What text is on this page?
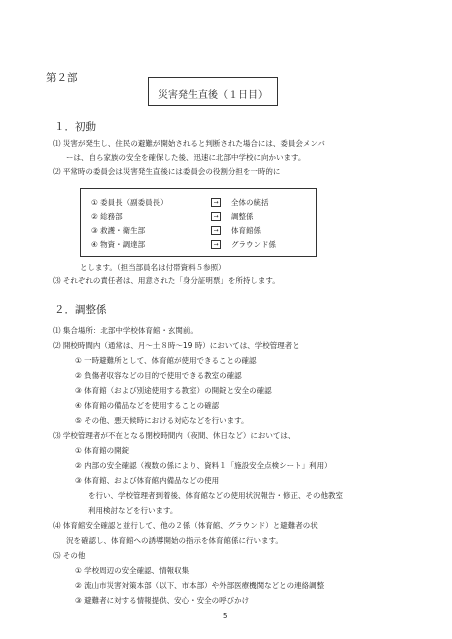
第２部
災害発生直後（１日目）
１．初動
⑴ 災害が発生し、住民の避難が開始されると判断された場合には、委員会メンバ
ーは、自ら家族の安全を確保した後、迅速に北部中学校に向かいます。
⑵ 平常時の委員会は災害発生直後には委員会の役割分担を一時的に
① 委員長（副委員長）	→	全体の統括
② 総務部	→	調整係
③ 救護・衛生部	→	体育館係
④ 物資・調達部	→	グラウンド係
とします。（担当部員名は付帯資料５参照）
⑶ それぞれの責任者は、用意された「身分証明票」を所持します。
２．調整係
⑴ 集合場所：北部中学校体育館・玄関前。
⑵ 開校時間内（通常は、月～土８時～19 時）においては、学校管理者と
① 一時避難所として、体育館が使用できることの確認
② 負傷者収容などの目的で使用できる教室の確認
③ 体育館（および別途使用する教室）の開錠と安全の確認
④ 体育館の備品などを使用することの確認
⑤ その他、悪天候時における対応などを行います。
⑶ 学校管理者が不在となる閉校時間内（夜間、休日など）においては、
① 体育館の開錠
② 内部の安全確認（複数の係により、資料１「施設安全点検シート」利用）
③ 体育館、および体育館内備品などの使用
を行い、学校管理者到着後、体育館などの使用状況報告・修正、その他教室
利用検討などを行います。
⑷ 体育館安全確認と並行して、他の２係（体育館、グラウンド）と避難者の状
況を確認し、体育館への誘導開始の指示を体育館係に行います。
⑸ その他
① 学校周辺の安全確認、情報収集
② 流山市災害対策本部（以下、市本部）や外部医療機関などとの連絡調整
③ 避難者に対する情報提供、安心・安全の呼びかけ
5
